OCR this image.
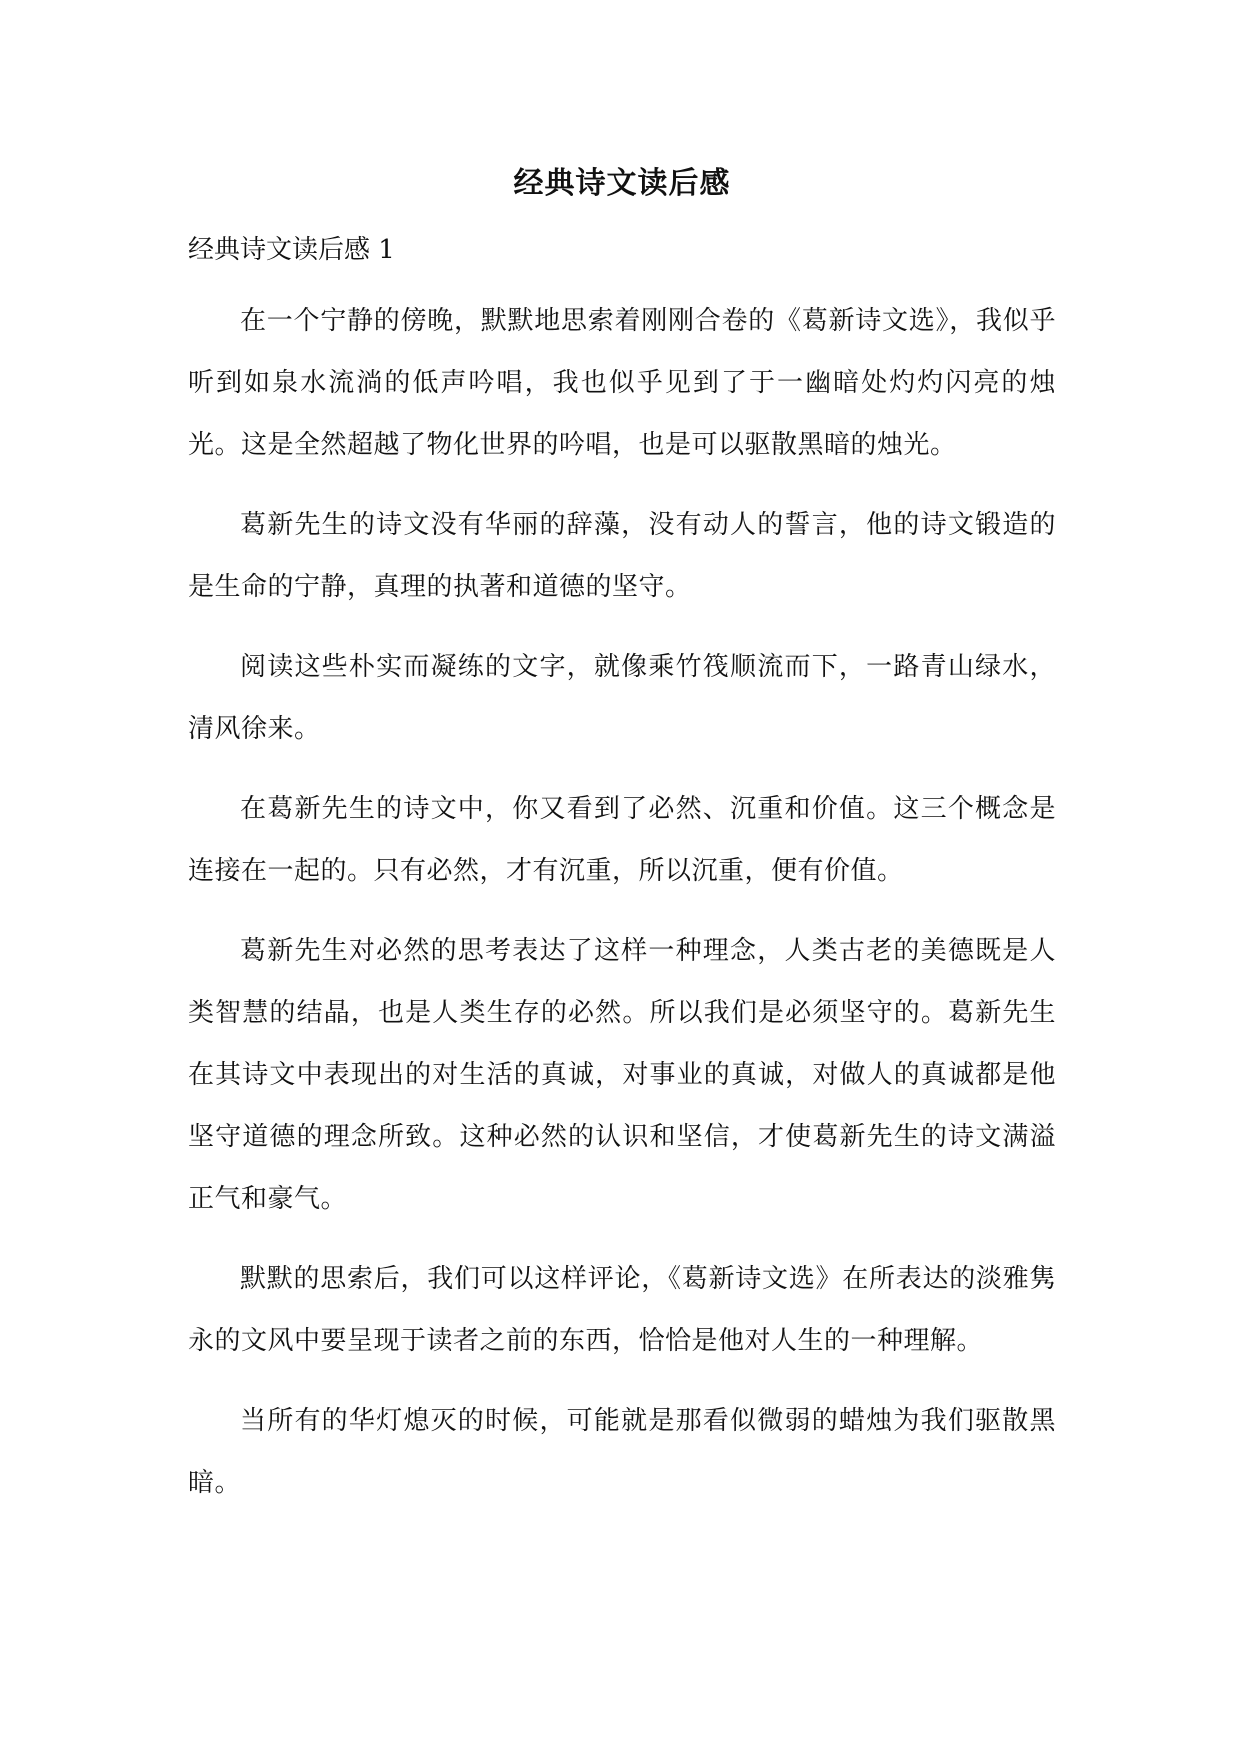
经典诗文读后感
经典诗文读后感 1

在一个宁静的傍晚，默默地思索着刚刚合卷的《葛新诗文选》，我似乎听到如泉水流淌的低声吟唱，我也似乎见到了于一幽暗处灼灼闪亮的烛光。这是全然超越了物化世界的吟唱，也是可以驱散黑暗的烛光。

葛新先生的诗文没有华丽的辞藻，没有动人的誓言，他的诗文锻造的是生命的宁静，真理的执著和道德的坚守。

阅读这些朴实而凝练的文字，就像乘竹筏顺流而下，一路青山绿水，清风徐来。

在葛新先生的诗文中，你又看到了必然、沉重和价值。这三个概念是连接在一起的。只有必然，才有沉重，所以沉重，便有价值。

葛新先生对必然的思考表达了这样一种理念，人类古老的美德既是人类智慧的结晶，也是人类生存的必然。所以我们是必须坚守的。葛新先生在其诗文中表现出的对生活的真诚，对事业的真诚，对做人的真诚都是他坚守道德的理念所致。这种必然的认识和坚信，才使葛新先生的诗文满溢正气和豪气。

默默的思索后，我们可以这样评论，《葛新诗文选》在所表达的淡雅隽永的文风中要呈现于读者之前的东西，恰恰是他对人生的一种理解。

当所有的华灯熄灭的时候，可能就是那看似微弱的蜡烛为我们驱散黑暗。
